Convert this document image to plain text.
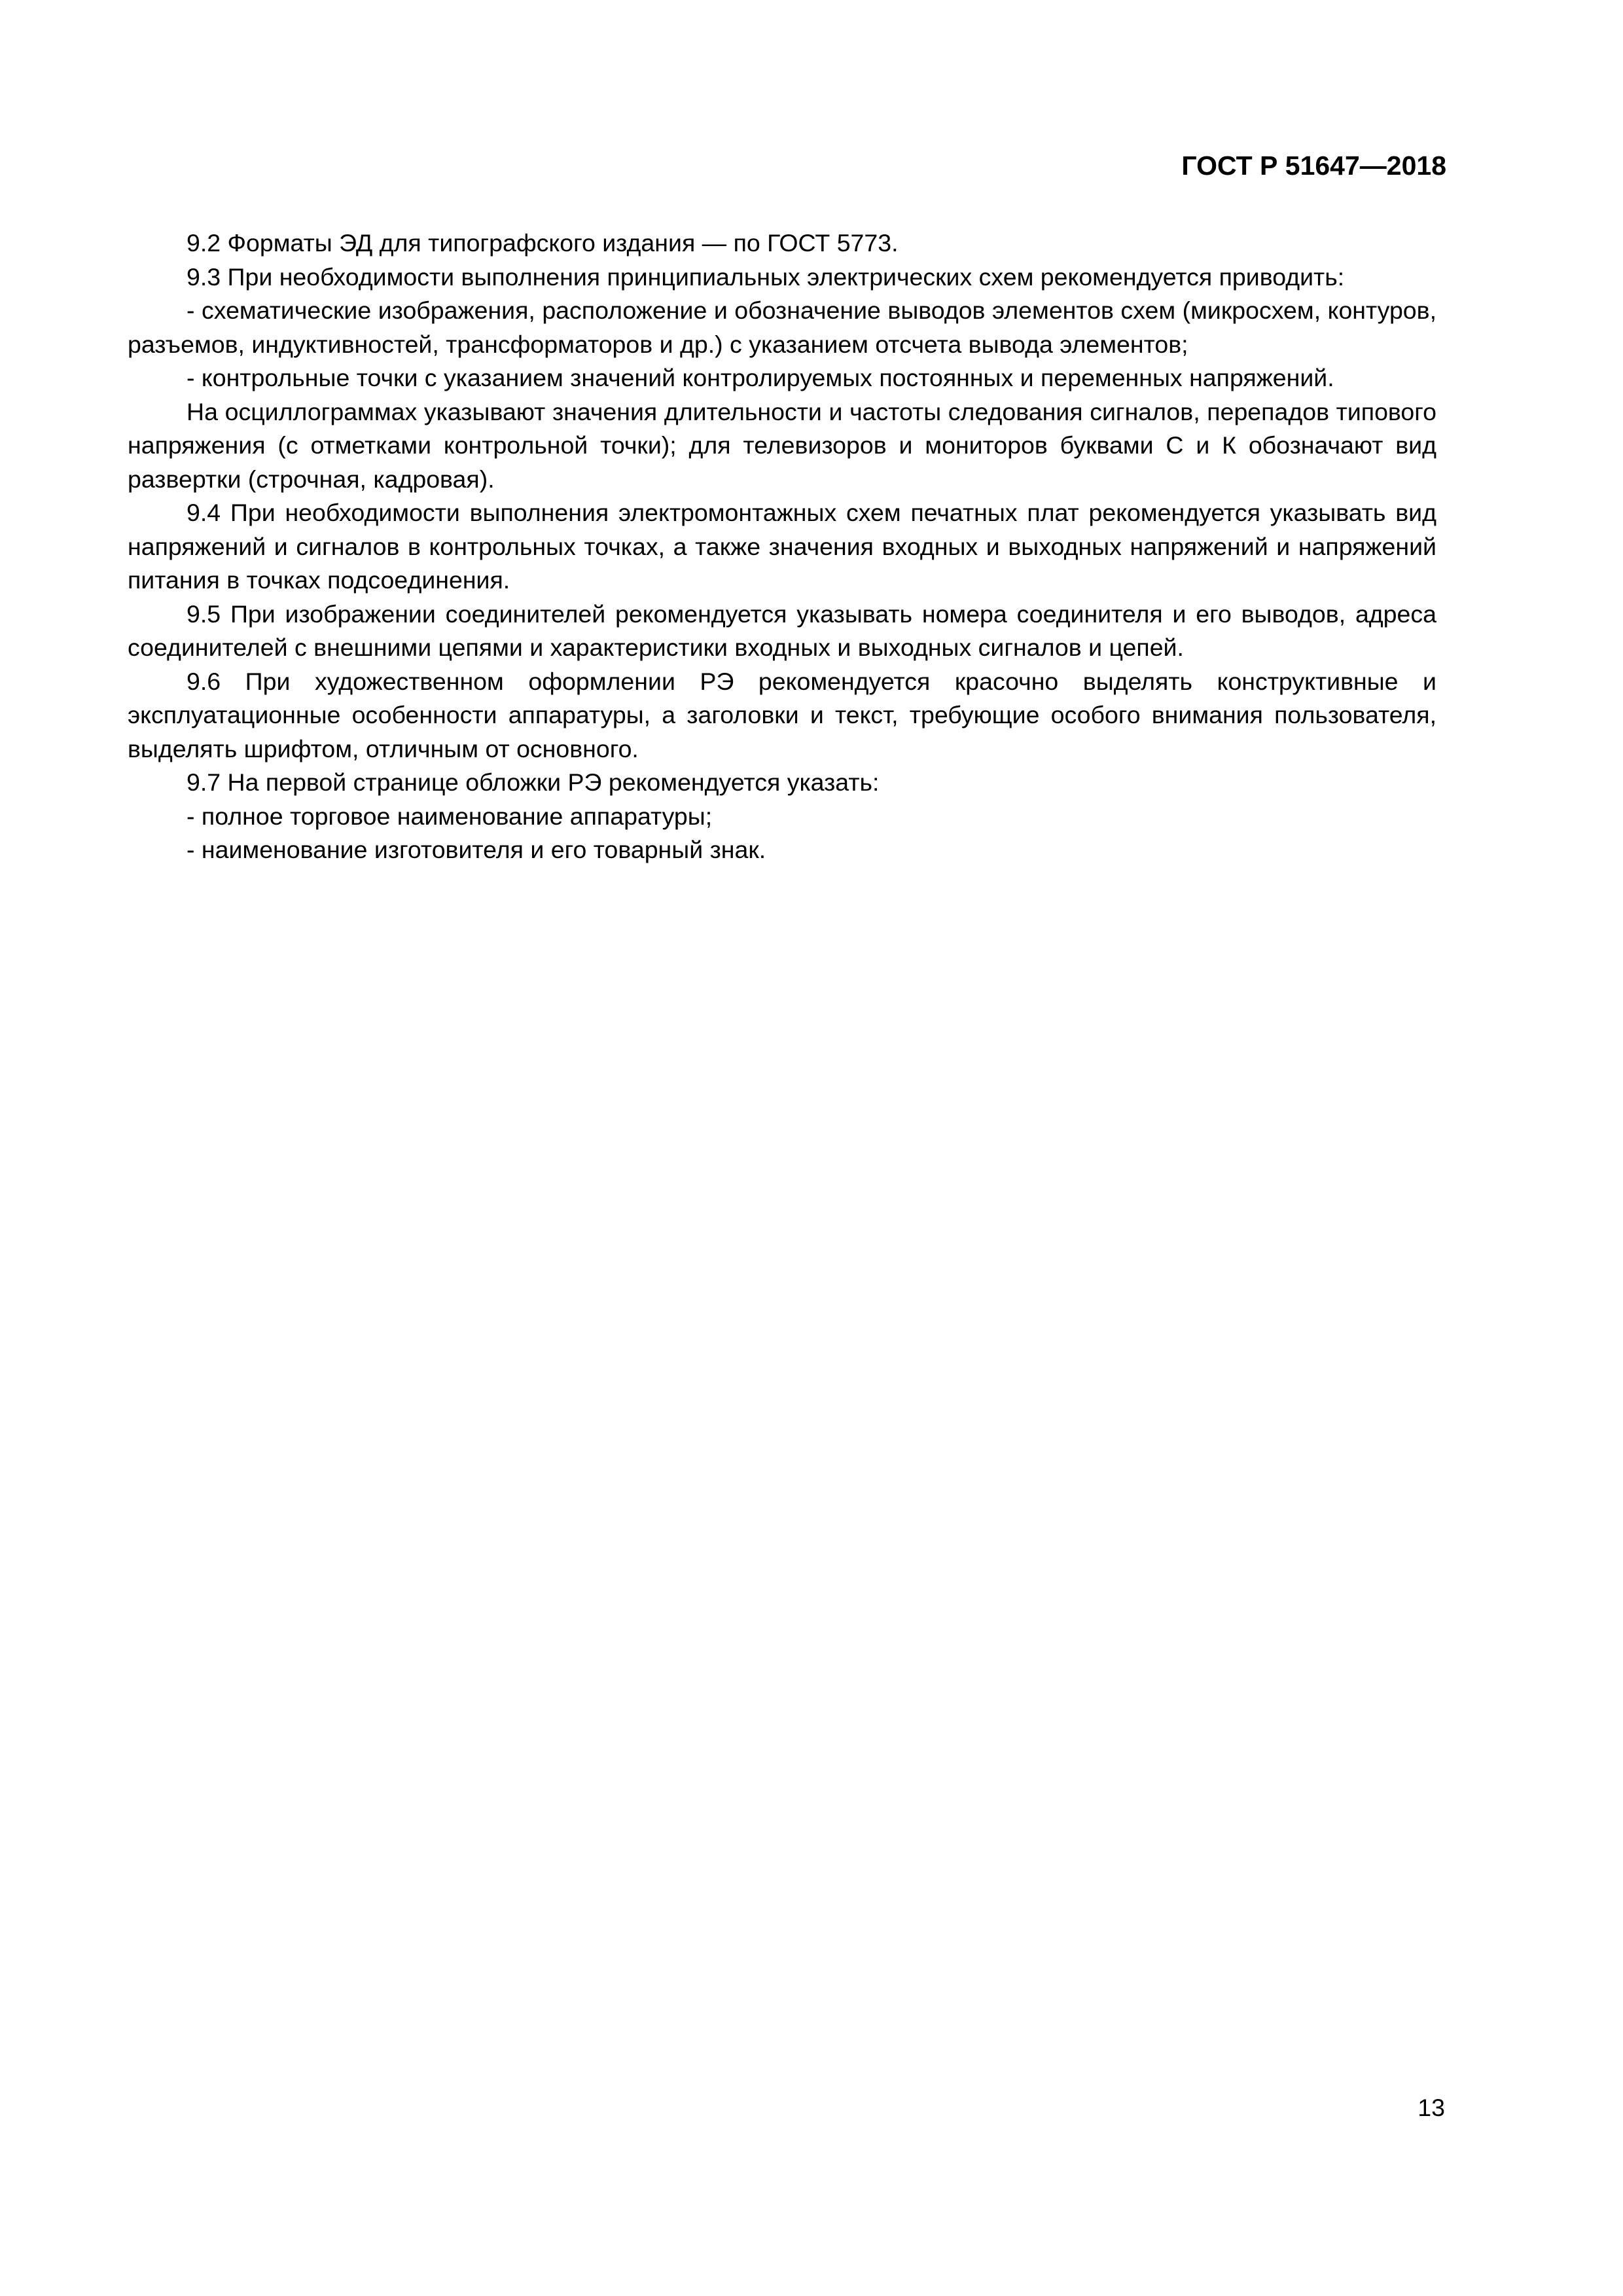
ГОСТ Р 51647—2018

9.2 Форматы ЭД для типографского издания — по ГОСТ 5773.

9.3 При необходимости выполнения принципиальных электрических схем рекомендуется приводить:

- схематические изображения, расположение и обозначение выводов элементов схем (микросхем, контуров, разъемов, индуктивностей, трансформаторов и др.) с указанием отсчета вывода элементов;

- контрольные точки с указанием значений контролируемых постоянных и переменных напряжений.

На осциллограммах указывают значения длительности и частоты следования сигналов, перепадов типового напряжения (с отметками контрольной точки); для телевизоров и мониторов буквами С и К обозначают вид развертки (строчная, кадровая).

9.4 При необходимости выполнения электромонтажных схем печатных плат рекомендуется указывать вид напряжений и сигналов в контрольных точках, а также значения входных и выходных напряжений и напряжений питания в точках подсоединения.

9.5 При изображении соединителей рекомендуется указывать номера соединителя и его выводов, адреса соединителей с внешними цепями и характеристики входных и выходных сигналов и цепей.

9.6 При художественном оформлении РЭ рекомендуется красочно выделять конструктивные и эксплуатационные особенности аппаратуры, а заголовки и текст, требующие особого внимания пользователя, выделять шрифтом, отличным от основного.

9.7 На первой странице обложки РЭ рекомендуется указать:

- полное торговое наименование аппаратуры;

- наименование изготовителя и его товарный знак.

13
